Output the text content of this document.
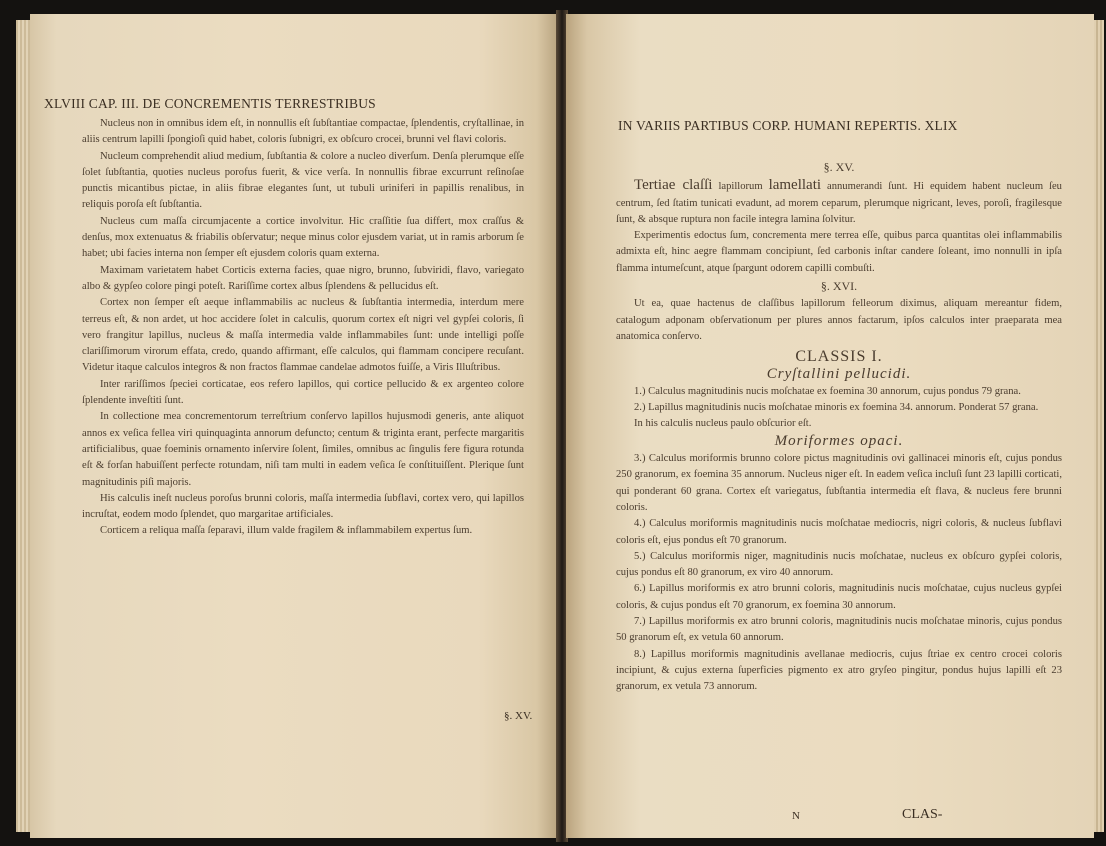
XLVIII CAP. III. DE CONCREMENTIS TERRESTRIBUS

Nucleus non in omnibus idem eſt, in nonnullis eſt ſubſtantiae compactae, ſplendentis, cryſtallinae, in aliis centrum lapilli ſpongioſi quid habet, coloris ſubnigri, ex obſcuro crocei, brunni vel flavi coloris.

Nucleum comprehendit aliud medium, ſubſtantia & colore a nucleo diverſum. Denſa plerumque eſſe ſolet ſubſtantia, quoties nucleus porofus fuerit, & vice verſa. In nonnullis fibrae excurrunt reſinoſae punctis micantibus pictae, in aliis fibrae elegantes ſunt, ut tubuli uriniferi in papillis renalibus, in reliquis poroſa eſt ſubſtantia.

Nucleus cum maſſa circumjacente a cortice involvitur. Hic craſſitie ſua differt, mox craſſus & denſus, mox extenuatus & friabilis obſervatur; neque minus color ejusdem variat, ut in ramis arborum ſe habet; ubi facies interna non ſemper eſt ejusdem coloris quam externa.

Maximam varietatem habet Corticis externa facies, quae nigro, brunno, ſubviridi, flavo, variegato albo & gypſeo colore pingi poteſt. Rariſſime cortex albus ſplendens & pellucidus eſt.

Cortex non ſemper eſt aeque inflammabilis ac nucleus & ſubſtantia intermedia, interdum mere terreus eſt, & non ardet, ut hoc accidere ſolet in calculis, quorum cortex eſt nigri vel gypſei coloris, ſi vero frangitur lapillus, nucleus & maſſa intermedia valde inflammabiles ſunt: unde intelligi poſſe clariſſimorum virorum effata, credo, quando affirmant, eſſe calculos, qui flammam concipere recuſant. Videtur itaque calculos integros & non fractos flammae candelae admotos fuiſſe, a Viris Illuſtribus.

Inter rariſſimos ſpeciei corticatae, eos refero lapillos, qui cortice pellucido & ex argenteo colore ſplendente inveſtiti ſunt.

In collectione mea concrementorum terreſtrium conſervo lapillos hujusmodi generis, ante aliquot annos ex veſica fellea viri quinquaginta annorum defuncto; centum & triginta erant, perfecte margaritis artificialibus, quae foeminis ornamento inſervire ſolent, ſimiles, omnibus ac ſingulis fere figura rotunda eſt & forſan habuiſſent perfecte rotundam, niſi tam multi in eadem veſica ſe conſtituiſſent. Plerique ſunt magnitudinis piſi majoris.

His calculis ineſt nucleus poroſus brunni coloris, maſſa intermedia ſubflavi, cortex vero, qui lapillos incruſtat, eodem modo ſplendet, quo margaritae artificiales.

Corticem a reliqua maſſa ſeparavi, illum valde fragilem & inflammabilem expertus ſum.

§. XV.
IN VARIIS PARTIBUS CORP. HUMANI REPERTIS. XLIX
§. XV.

Tertiae claſſi lapillorum lamellati annumerandi ſunt. Hi equidem habent nucleum ſeu centrum, ſed ſtatim tunicati evadunt, ad morem ceparum, plerumque nigricant, leves, poroſi, fragilesque ſunt, & absque ruptura non facile integra lamina ſolvitur.

Experimentis edoctus ſum, concrementa mere terrea eſſe, quibus parca quantitas olei inflammabilis admixta eſt, hinc aegre flammam concipiunt, ſed carbonis inſtar candere ſoleant, imo nonnulli in ipſa flamma intumeſcunt, atque ſpargunt odorem capilli combuſti.

§. XVI.

Ut ea, quae hactenus de claſſibus lapillorum felleorum diximus, aliquam mereantur fidem, catalogum adponam obſervationum per plures annos factarum, ipſos calculos inter praeparata mea anatomica conſervo.

CLASSIS I.
Cryſtallini pellucidi.

1.) Calculus magnitudinis nucis moſchatae ex foemina 30 annorum, cujus pondus 79 grana.

2.) Lapillus magnitudinis nucis moſchatae minoris ex foemina 34. annorum. Ponderat 57 grana.

In his calculis nucleus paulo obſcurior eſt.

Moriformes opaci.

3.) Calculus moriformis brunno colore pictus magnitudinis ovi gallinacei minoris eſt, cujus pondus 250 granorum, ex foemina 35 annorum. Nucleus niger eſt. In eadem veſica incluſi ſunt 23 lapilli corticati, qui ponderant 60 grana. Cortex eſt variegatus, ſubſtantia intermedia eſt flava, & nucleus fere brunni coloris.

4.) Calculus moriformis magnitudinis nucis moſchatae mediocris, nigri coloris, & nucleus ſubflavi coloris eſt, ejus pondus eſt 70 granorum.

5.) Calculus moriformis niger, magnitudinis nucis moſchatae, nucleus ex obſcuro gypſei coloris, cujus pondus eſt 80 granorum, ex viro 40 annorum.

6.) Lapillus moriformis ex atro brunni coloris, magnitudinis nucis moſchatae, cujus nucleus gypſei coloris, & cujus pondus eſt 70 granorum, ex foemina 30 annorum.

7.) Lapillus moriformis ex atro brunni coloris, magnitudinis nucis moſchatae minoris, cujus pondus 50 granorum eſt, ex vetula 60 annorum.

8.) Lapillus moriformis magnitudinis avellanae mediocris, cujus ſtriae ex centro crocei coloris incipiunt, & cujus externa ſuperficies pigmento ex atro gryſeo pingitur, pondus hujus lapilli eſt 23 granorum, ex vetula 73 annorum.

N	CLAS-
